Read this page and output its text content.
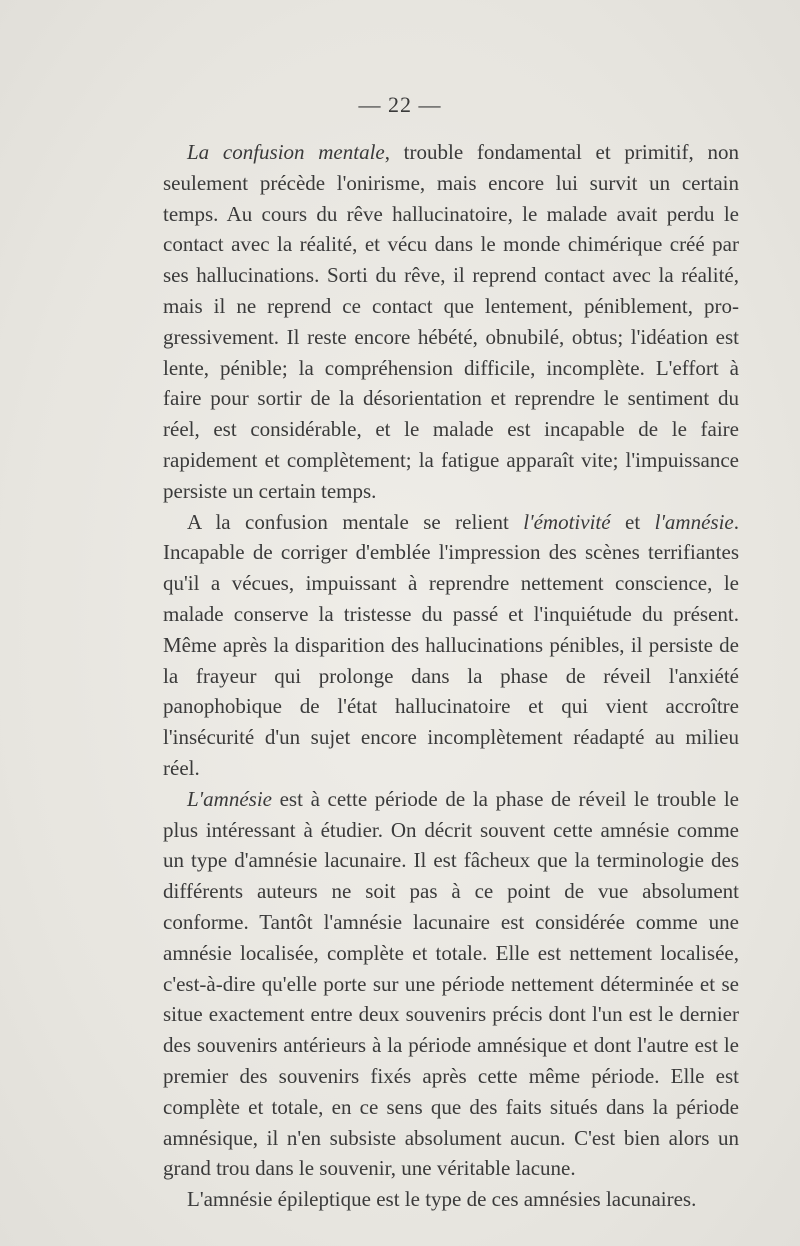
— 22 —

La confusion mentale, trouble fondamental et primitif, non seulement précède l'onirisme, mais encore lui survit un certain temps. Au cours du rêve hallucinatoire, le malade avait perdu le contact avec la réalité, et vécu dans le monde chimérique créé par ses hallucinations. Sorti du rêve, il reprend contact avec la réalité, mais il ne reprend ce contact que lentement, péniblement, progressivement. Il reste encore hébété, obnubilé, obtus; l'idéation est lente, pénible; la compréhension difficile, incomplète. L'effort à faire pour sortir de la désorientation et reprendre le sentiment du réel, est considérable, et le malade est incapable de le faire rapidement et complètement; la fatigue apparaît vite; l'impuissance persiste un certain temps.

A la confusion mentale se relient l'émotivité et l'amnésie. Incapable de corriger d'emblée l'impression des scènes terrifiantes qu'il a vécues, impuissant à reprendre nettement conscience, le malade conserve la tristesse du passé et l'inquiétude du présent. Même après la disparition des hallucinations pénibles, il persiste de la frayeur qui prolonge dans la phase de réveil l'anxiété panophobique de l'état hallucinatoire et qui vient accroître l'insécurité d'un sujet encore incomplètement réadapté au milieu réel.

L'amnésie est à cette période de la phase de réveil le trouble le plus intéressant à étudier. On décrit souvent cette amnésie comme un type d'amnésie lacunaire. Il est fâcheux que la terminologie des différents auteurs ne soit pas à ce point de vue absolument conforme. Tantôt l'amnésie lacunaire est considérée comme une amnésie localisée, complète et totale. Elle est nettement localisée, c'est-à-dire qu'elle porte sur une période nettement déterminée et se situe exactement entre deux souvenirs précis dont l'un est le dernier des souvenirs antérieurs à la période amnésique et dont l'autre est le premier des souvenirs fixés après cette même période. Elle est complète et totale, en ce sens que des faits situés dans la période amnésique, il n'en subsiste absolument aucun. C'est bien alors un grand trou dans le souvenir, une véritable lacune.

L'amnésie épileptique est le type de ces amnésies lacunaires.
